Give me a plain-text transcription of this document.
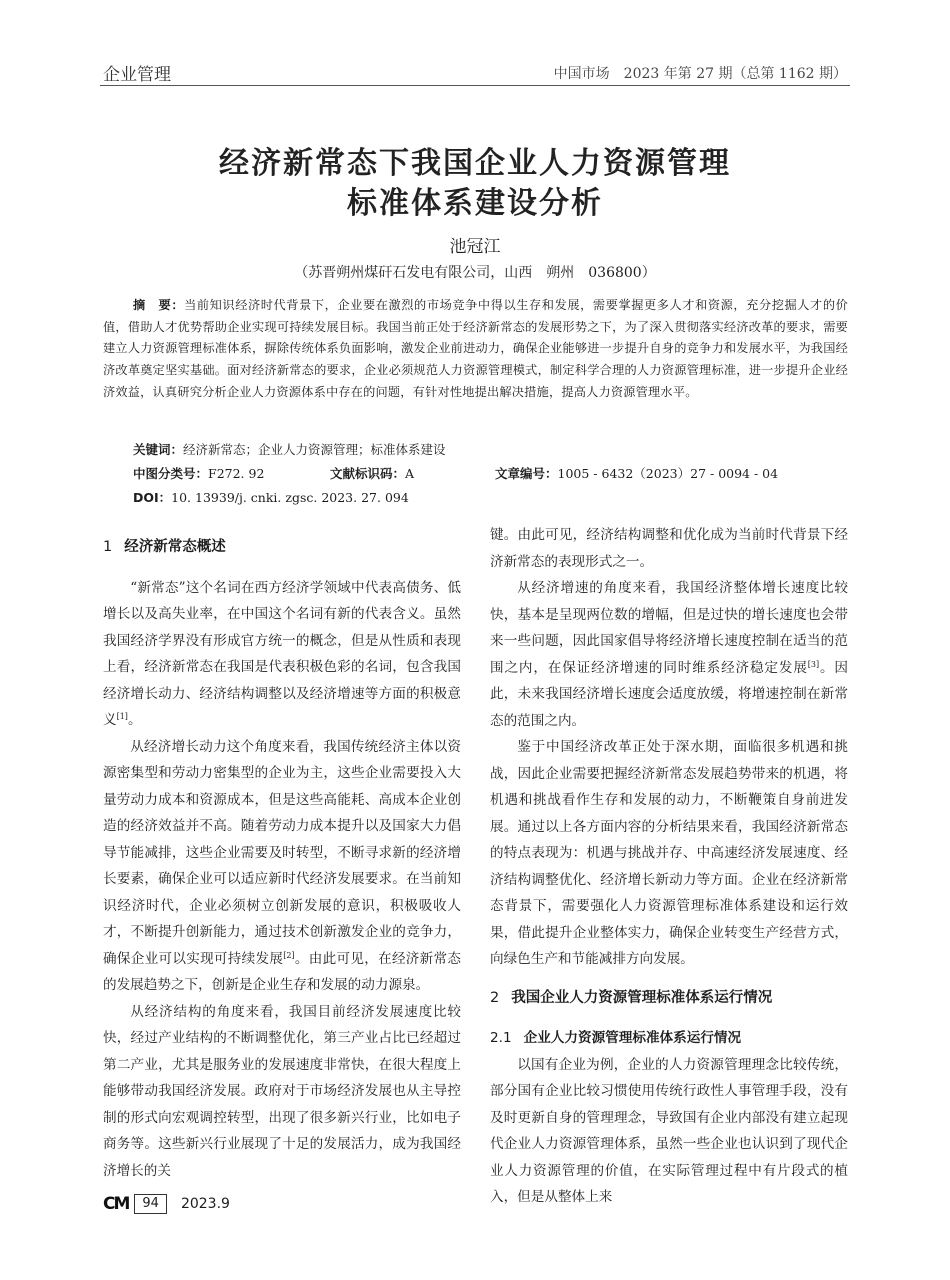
企业管理	中国市场　2023 年第 27 期（总第 1162 期）
经济新常态下我国企业人力资源管理
标准体系建设分析
池冠江
（苏晋朔州煤矸石发电有限公司，山西　朔州　036800）
摘　要：当前知识经济时代背景下，企业要在激烈的市场竞争中得以生存和发展，需要掌握更多人才和资源，充分挖掘人才的价值，借助人才优势帮助企业实现可持续发展目标。我国当前正处于经济新常态的发展形势之下，为了深入贯彻落实经济改革的要求，需要建立人力资源管理标准体系，摒除传统体系负面影响，激发企业前进动力，确保企业能够进一步提升自身的竞争力和发展水平，为我国经济改革奠定坚实基础。面对经济新常态的要求，企业必须规范人力资源管理模式，制定科学合理的人力资源管理标准，进一步提升企业经济效益，认真研究分析企业人力资源体系中存在的问题，有针对性地提出解决措施，提高人力资源管理水平。
关键词：经济新常态；企业人力资源管理；标准体系建设
中图分类号：F272. 92	文献标识码：A	文章编号：1005 - 6432（2023）27 - 0094 - 04
DOI：10. 13939/j. cnki. zgsc. 2023. 27. 094
1 经济新常态概述

“新常态”这个名词在西方经济学领域中代表高债务、低增长以及高失业率，在中国这个名词有新的代表含义。虽然我国经济学界没有形成官方统一的概念，但是从性质和表现上看，经济新常态在我国是代表积极色彩的名词，包含我国经济增长动力、经济结构调整以及经济增速等方面的积极意义[1]。

从经济增长动力这个角度来看，我国传统经济主体以资源密集型和劳动力密集型的企业为主，这些企业需要投入大量劳动力成本和资源成本，但是这些高能耗、高成本企业创造的经济效益并不高。随着劳动力成本提升以及国家大力倡导节能减排，这些企业需要及时转型，不断寻求新的经济增长要素，确保企业可以适应新时代经济发展要求。在当前知识经济时代，企业必须树立创新发展的意识，积极吸收人才，不断提升创新能力，通过技术创新激发企业的竞争力，确保企业可以实现可持续发展[2]。由此可见，在经济新常态的发展趋势之下，创新是企业生存和发展的动力源泉。

从经济结构的角度来看，我国目前经济发展速度比较快，经过产业结构的不断调整优化，第三产业占比已经超过第二产业，尤其是服务业的发展速度非常快，在很大程度上能够带动我国经济发展。政府对于市场经济发展也从主导控制的形式向宏观调控转型，出现了很多新兴行业，比如电子商务等。这些新兴行业展现了十足的发展活力，成为我国经济增长的关

键。由此可见，经济结构调整和优化成为当前时代背景下经济新常态的表现形式之一。

从经济增速的角度来看，我国经济整体增长速度比较快，基本是呈现两位数的增幅，但是过快的增长速度也会带来一些问题，因此国家倡导将经济增长速度控制在适当的范围之内，在保证经济增速的同时维系经济稳定发展[3]。因此，未来我国经济增长速度会适度放缓，将增速控制在新常态的范围之内。

鉴于中国经济改革正处于深水期，面临很多机遇和挑战，因此企业需要把握经济新常态发展趋势带来的机遇，将机遇和挑战看作生存和发展的动力，不断鞭策自身前进发展。通过以上各方面内容的分析结果来看，我国经济新常态的特点表现为：机遇与挑战并存、中高速经济发展速度、经济结构调整优化、经济增长新动力等方面。企业在经济新常态背景下，需要强化人力资源管理标准体系建设和运行效果，借此提升企业整体实力，确保企业转变生产经营方式，向绿色生产和节能减排方向发展。

2 我国企业人力资源管理标准体系运行情况
2.1 企业人力资源管理标准体系运行情况

以国有企业为例，企业的人力资源管理理念比较传统，部分国有企业比较习惯使用传统行政性人事管理手段，没有及时更新自身的管理理念，导致国有企业内部没有建立起现代企业人力资源管理体系，虽然一些企业也认识到了现代企业人力资源管理的价值，在实际管理过程中有片段式的植入，但是从整体上来

CM	94	2023.9
